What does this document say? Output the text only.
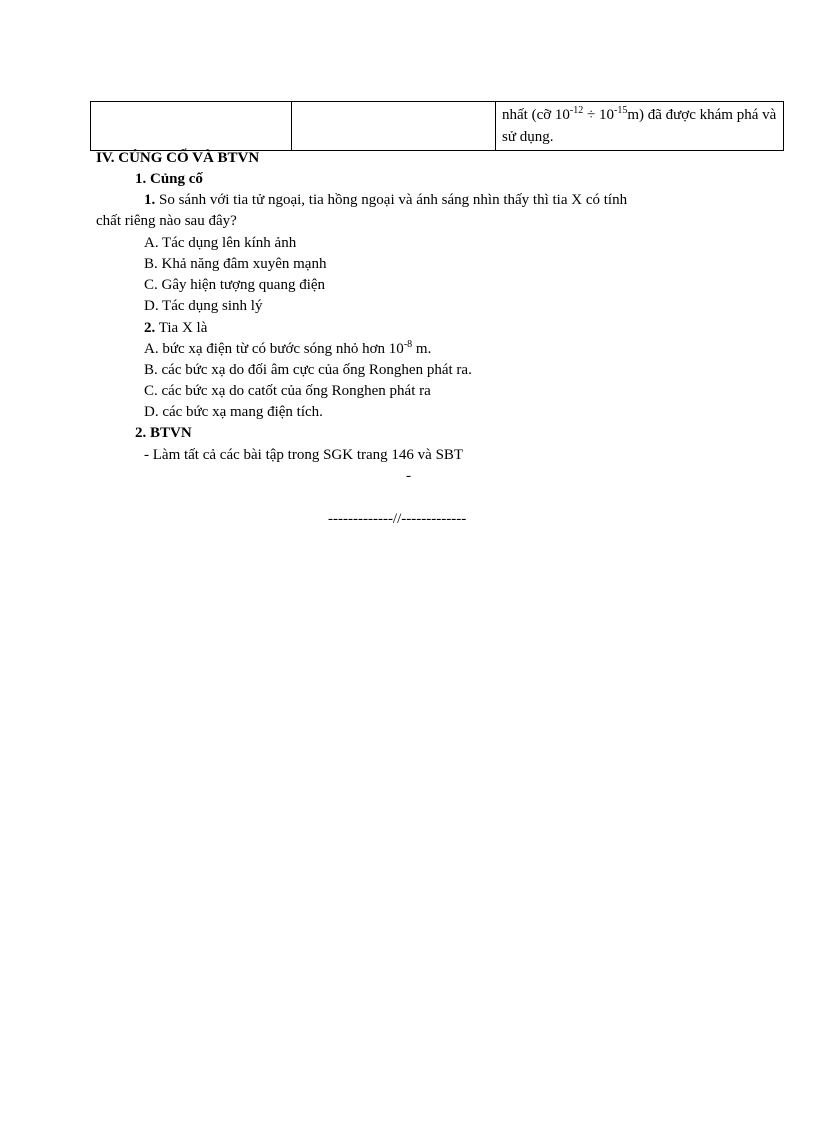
		nhất (cỡ $10^{-12} \div 10^{-15}m$) đã được khám phá và sử dụng.
IV. CỦNG CỐ VÀ BTVN
1. Củng cố
1. So sánh với tia tử ngoại, tia hồng ngoại và ánh sáng nhìn thấy thì tia X có tính
chất riêng nào sau đây?
A. Tác dụng lên kính ảnh
B. Khả năng đâm xuyên mạnh
C. Gây hiện tượng quang điện
D. Tác dụng sinh lý
2. Tia X là
A. bức xạ điện từ có bước sóng nhỏ hơn $10^{-8}$ m.
B. các bức xạ do đối âm cực của ống Ronghen phát ra.
C. các bức xạ do catốt của ống Ronghen phát ra
D. các bức xạ mang điện tích.
2. BTVN
- Làm tất cả các bài tập trong SGK trang 146 và SBT
-
-------------//-------------
